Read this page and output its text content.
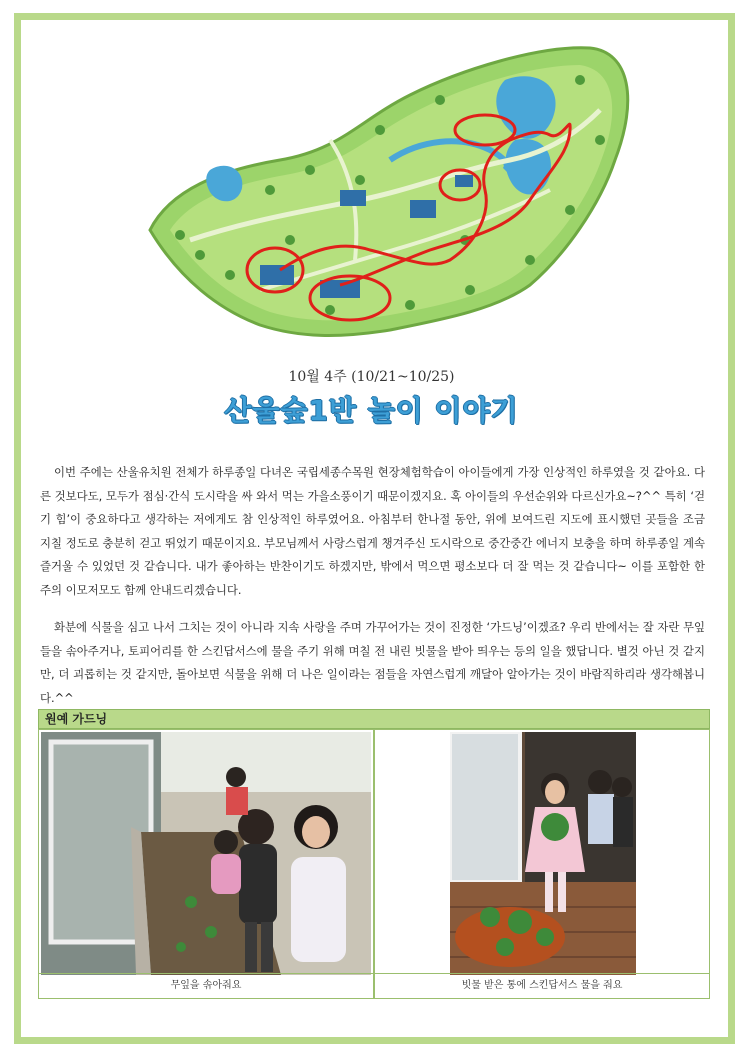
10월 4주 (10/21~10/25)
산울숲1반 놀이 이야기

이번 주에는 산울유치원 전체가 하루종일 다녀온 국립세종수목원 현장체험학습이 아이들에게 가장 인상적인 하루였을 것 같아요. 다른 것보다도, 모두가 점심·간식 도시락을 싸 와서 먹는 가을소풍이기 때문이겠지요. 혹 아이들의 우선순위와 다르신가요~?^^ 특히 ‘걷기 힘’이 중요하다고 생각하는 저에게도 참 인상적인 하루였어요. 아침부터 한나절 동안, 위에 보여드린 지도에 표시했던 곳들을 조금 지칠 정도로 충분히 걷고 뛰었기 때문이지요. 부모님께서 사랑스럽게 챙겨주신 도시락으로 중간중간 에너지 보충을 하며 하루종일 계속 즐거울 수 있었던 것 같습니다. 내가 좋아하는 반찬이기도 하겠지만, 밖에서 먹으면 평소보다 더 잘 먹는 것 같습니다~ 이를 포함한 한 주의 이모저모도 함께 안내드리겠습니다.

화분에 식물을 심고 나서 그치는 것이 아니라 지속 사랑을 주며 가꾸어가는 것이 진정한 ‘가드닝’이겠죠? 우리 반에서는 잘 자란 무잎들을 솎아주거나, 토피어리를 한 스킨답서스에 물을 주기 위해 며칠 전 내린 빗물을 받아 띄우는 등의 일을 했답니다. 별것 아닌 것 같지만, 더 괴롭히는 것 같지만, 돌아보면 식물을 위해 더 나은 일이라는 점들을 자연스럽게 깨달아 알아가는 것이 바람직하리라 생각해봅니다.^^

원예 가드닝
무잎을 솎아줘요	빗물 받은 통에 스킨답서스 물을 줘요
